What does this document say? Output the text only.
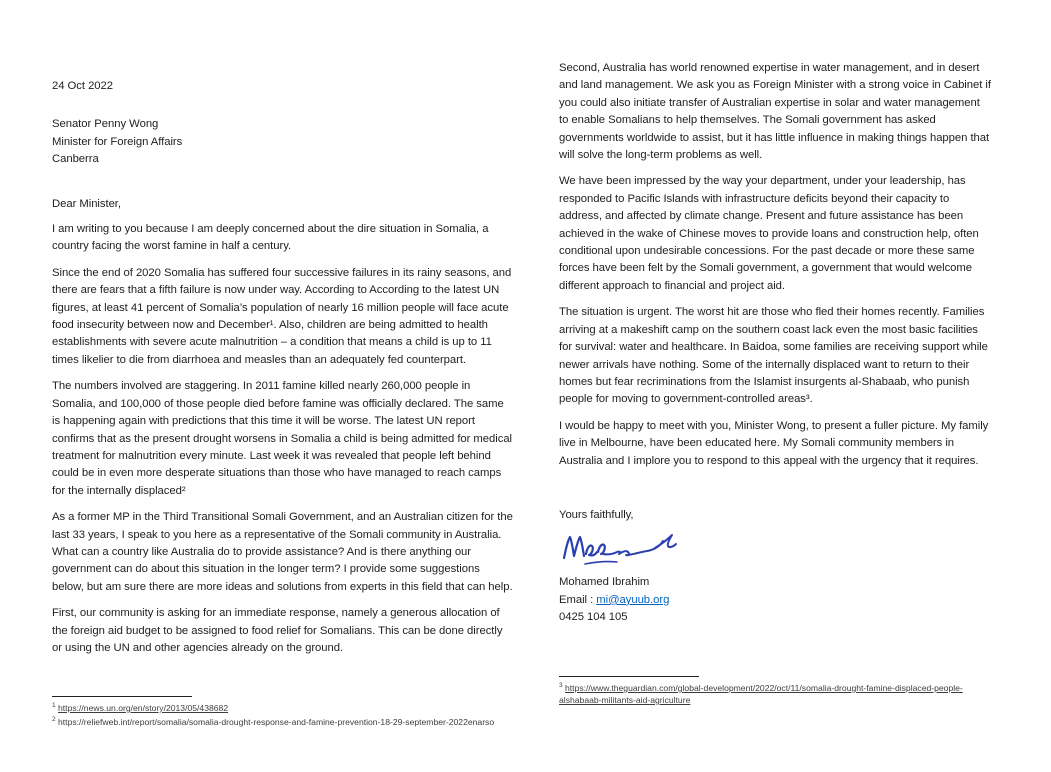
24 Oct 2022

Senator Penny Wong

Minister for Foreign Affairs

Canberra

Dear Minister,

I am writing to you because I am deeply concerned about the dire situation in Somalia, a country facing the worst famine in half a century.

Since the end of 2020 Somalia has suffered four successive failures in its rainy seasons, and there are fears that a fifth failure is now under way. According to According to the latest UN figures, at least 41 percent of Somalia’s population of nearly 16 million people will face acute food insecurity between now and December¹. Also, children are being admitted to health establishments with severe acute malnutrition – a condition that means a child is up to 11 times likelier to die from diarrhoea and measles than an adequately fed counterpart.

The numbers involved are staggering. In 2011 famine killed nearly 260,000 people in Somalia, and 100,000 of those people died before famine was officially declared. The same is happening again with predictions that this time it will be worse. The latest UN report confirms that as the present drought worsens in Somalia a child is being admitted for medical treatment for malnutrition every minute. Last week it was revealed that people left behind could be in even more desperate situations than those who have managed to reach camps for the internally displaced²

As a former MP in the Third Transitional Somali Government, and an Australian citizen for the last 33 years, I speak to you here as a representative of the Somali community in Australia. What can a country like Australia do to provide assistance? And is there anything our government can do about this situation in the longer term? I provide some suggestions below, but am sure there are more ideas and solutions from experts in this field that can help.

First, our community is asking for an immediate response, namely a generous allocation of the foreign aid budget to be assigned to food relief for Somalians. This can be done directly or using the UN and other agencies already on the ground.

$^1$ https://news.un.org/en/story/2013/05/438682

$^2$ https://reliefweb.int/report/somalia/somalia-drought-response-and-famine-prevention-18-29-september-2022enarso

Second, Australia has world renowned expertise in water management, and in desert and land management. We ask you as Foreign Minister with a strong voice in Cabinet if you could also initiate transfer of Australian expertise in solar and water management to enable Somalians to help themselves. The Somali government has asked governments worldwide to assist, but it has little influence in making things happen that will solve the long-term problems as well.

We have been impressed by the way your department, under your leadership, has responded to Pacific Islands with infrastructure deficits beyond their capacity to address, and affected by climate change. Present and future assistance has been achieved in the wake of Chinese moves to provide loans and construction help, often conditional upon undesirable concessions. For the past decade or more these same forces have been felt by the Somali government, a government that would welcome different approach to financial and project aid.

The situation is urgent. The worst hit are those who fled their homes recently. Families arriving at a makeshift camp on the southern coast lack even the most basic facilities for survival: water and healthcare. In Baidoa, some families are receiving support while newer arrivals have nothing. Some of the internally displaced want to return to their homes but fear recriminations from the Islamist insurgents al-Shabaab, who punish people for moving to government-controlled areas³.

I would be happy to meet with you, Minister Wong, to present a fuller picture. My family live in Melbourne, have been educated here. My Somali community members in Australia and I implore you to respond to this appeal with the urgency that it requires.

Yours faithfully,

Mohamed Ibrahim

Email : mi@ayuub.org

0425 104 105

$^3$ https://www.theguardian.com/global-development/2022/oct/11/somalia-drought-famine-displaced-people-alshabaab-militants-aid-agriculture
